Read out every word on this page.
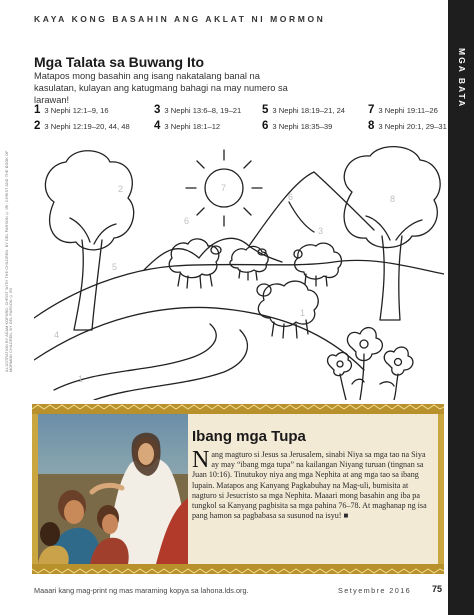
KAYA KONG BASAHIN ANG AKLAT NI MORMON
MGA BATA
ILLUSTRATION BY ADAM KOFORD; CHRIST WITH THE CHILDREN, BY DEL PARSON © IRI; CHRIST AND THE BOOK OF MORMON CHILDREN, BY DEL PARSON © IRI
Mga Talata sa Buwang Ito
Matapos mong basahin ang isang nakatalang banal na kasulatan, kulayan ang katugmang bahagi na may numero sa larawan!
1 3 Nephi 12:1–9, 16
2 3 Nephi 12:19–20, 44, 48
3 3 Nephi 13:6–8, 19–21
4 3 Nephi 18:1–12
5 3 Nephi 18:19–21, 24
6 3 Nephi 18:35–39
7 3 Nephi 19:11–26
8 3 Nephi 20:1, 29–31
7
2
6
6
3
1
8
5
4
1
Ibang mga Tupa
Nang magturo si Jesus sa Jerusalem, sinabi Niya sa mga tao na Siya ay may “ibang mga tupa” na kailangan Niyang turuan (tingnan sa Juan 10:16). Tinutukoy niya ang mga Nephita at ang mga tao sa ibang lupain. Matapos ang Kanyang Pagkabuhay na Mag-uli, bumisita at nagturo si Jesucristo sa mga Nephita. Maaari mong basahin ang iba pa tungkol sa Kanyang pagbisita sa mga pahina 76–78. At maghanap ng isa pang hamon sa pagbabasa sa susunod na isyu! ■
Maaari kang mag-print ng mas maraming kopya sa lahona.lds.org.	Setyembre 2016 75
